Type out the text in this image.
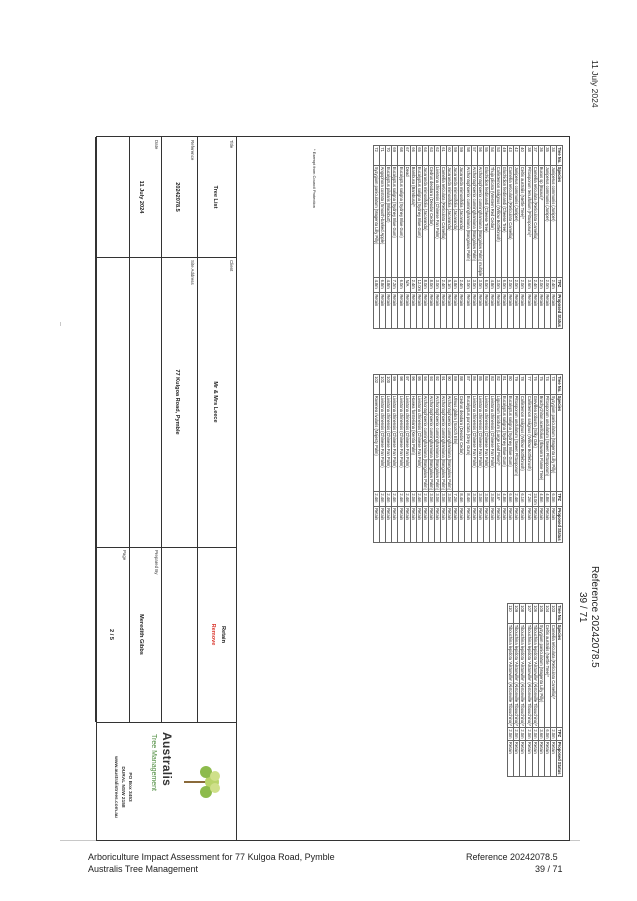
11 July 2024
Tree No.	Species	TPZ	Proposed Status
34	Juniperus communis (Juniper)	2.4m	Retain
35	Juniperus communis (Juniper)	2.0m	Retain
36	Buxus sp (Buxus)*	2.0m	Retain
37	Camellia reticulata (Reticulata Camellia)	2.4m	Retain
38	Pittosporum tenuifolium (Pittosporum)*	3.6m	Retain
40	Celtis australis (Nettle Tree)*	2.0m	Retain
42	Juniperus communis (Juniper)	2.0m	Retain
43	Camellia reticulata (Reticulata Camellia)	2.0m	Retain
49	Glochidion ferdinandi (Cheese Tree)	6.0m	Retain
53	Callistemon salignus (Willow Bottlebrush)	3.0m	Retain
54	Thuja plicata (Western Red Cedar)	4.8m	Retain
55	Glochidion ferdinandi (Cheese Tree)	6.0m	Retain
56	Archontophoenix cunninghamiana (Bangalow Palm) multiple	3.0m	Retain
57	Archontophoenix cunninghamiana (Bangalow Palm)	3.0m	Retain
58	Archontophoenix cunninghamiana (Bangalow Palm)	3.0m	Retain
59	Jacaranda mimosifolia (Jacaranda)	2.4m	Retain
59	Jacaranda mimosifolia (Jacaranda)	4.8m	Retain
60	Jacaranda mimosifolia (Jacaranda)	5.1m	Retain
61	Camellia reticulata (Reticulata Camellia)	2.4m	Retain
62	Livistona chinensis (Chinese Fan Palm)	3.0m	Retain
63	Cedrus deodara (Deodar Cedar)	8.0m	Retain
64	Jacaranda mimosifolia (Jacaranda)	8.0m	Retain
65	Eucalyptus saligna (Sydney Blue Gum)	12.0m	Retain
66	Bambusa (Bambusa)*	2.4m	Retain
67	Dead	N/A	Retain
68	Eucalyptus saligna (Sydney Blue Gum)	6.0m	Retain
69	Eucalyptus saligna (Sydney Blue Gum)	7.2m	Retain
70	Eucalyptus pilularis (Blackbutt)	4.8m	Retain
71	Angophora costata (Smooth-barked Apple)	6.8m	Retain
72	Syzygium paniculatum (Magenta Lilly Pilly)	4.8m	Retain
Tree No.	Species	TPZ	Proposed Status
73	Syzygium paniculatum (Magenta Lilly Pilly)	6.0m	Retain
74	Pittosporum undulatum (Sweet Pittosporum)	4.8m	Retain
75	Brachychiton acerifolius (Illawarra Flame Tree)	4.8m	Retain
76	Grevillea robusta (Silky Oak)	24.0m	Retain
77	Callistemon salignus (Willow Bottlebrush)	7.2m	Retain
78	Callistemon salignus (Willow Bottlebrush)	6.1m	Retain
79	Pittosporum undulatum (Sweet Pittosporum)	2.4m	Retain
80	Eucalyptus saligna (Sydney Blue Gum)	6.6m	Retain
81	Eucalyptus saligna (Sydney Blue Gum)	4.8m	Retain
82	Ligustrum lucidum (Large Leaf Privet)*	3.6*	Retain
83	Livistona chinensis (Chinese Fan Palm)	3.0m	Retain
84	Livistona chinensis (Chinese Fan Palm)	3.0m	Retain
85	Livistona chinensis (Chinese Fan Palm)	3.0m	Retain
86	Livistona chinensis (Chinese Fan Palm)	3.0m	Retain
87	Eucalyptus punctata (Grey Gum)	8.4m	Retain
88	Cedrus deodara (Deodar Cedar)	8.4m	Retain
89	Ulmus glabra (Scotch Elm)	7.2m	Retain
90	Archontophoenix cunninghamiana (Bangalow Palm)	3.0m	Retain
91	Archontophoenix cunninghamiana (Bangalow Palm)	3.0m	Retain
92	Archontophoenix cunninghamiana (Bangalow Palm)	3.0m	Retain
93	Archontophoenix cunninghamiana (Bangalow Palm)	3.0m	Retain
94	Archontophoenix cunninghamiana (Bangalow Palm)	2.6m	Retain
95	Livistona chinensis (Chinese Fan Palm)	2.4m	Retain
96	Howea forsteriana (Kentia Palm)	2.0m	Retain
97	Livistona chinensis (Chinese Fan Palm)	2.4m	Retain
98	Livistona chinensis (Chinese Fan Palm)	2.4m	Retain
99	Livistona chinensis (Chinese Fan Palm)	2.4m	Retain
100	Livistona chinensis (Chinese Fan Palm)	2.4m	Retain
101	Livistona chinensis (Chinese Fan Palm)	2.4m	Retain
102	Ravenea rivularis (Majesty Palm)	2.4m	Retain
Tree No.	Species	TPZ	Proposed Status
103	Camellia reticulata (Reticulata Camellia)*	2.0m	Retain
104	Celtis australis (Nettle Tree)*	6.0m	Retain
105	Syzygium paniculatum (Magenta Lilly Pilly)	3.6m	Retain
106	Tibouchina lepidota 'Alstonville' (Alstonville Tibouchina)*	2.0m	Retain
107	Tibouchina lepidota 'Alstonville' (Alstonville Tibouchina)*	2.0m	Retain
108	Tibouchina lepidota 'Alstonville' (Alstonville Tibouchina)*	2.0m	Retain
109	Tibouchina lepidota 'Alstonville' (Alstonville Tibouchina)*	2.0m	Retain
110	Tibouchina lepidota 'Alstonville' (Alstonville Tibouchina)*	2.0m	Retain
* Exempt from Council Protection
Title
Tree List
Client
Mr & Mrs Leece
Site Address
77 Kulgoa Road, Pymble
Retain
Remove
Reference
20242078.5
Date
11 July 2024
Prepared By
Meredith Gibbs
Page
2 / 5
Australis
Tree Management
PO Box 3453
DURAL NSW 2158
www.australistrees.com.au
Reference 20242078.5
39 / 71
Arboriculture Impact Assessment for 77 Kulgoa Road, Pymble
Australis Tree Management
Reference 20242078.5
39 / 71
